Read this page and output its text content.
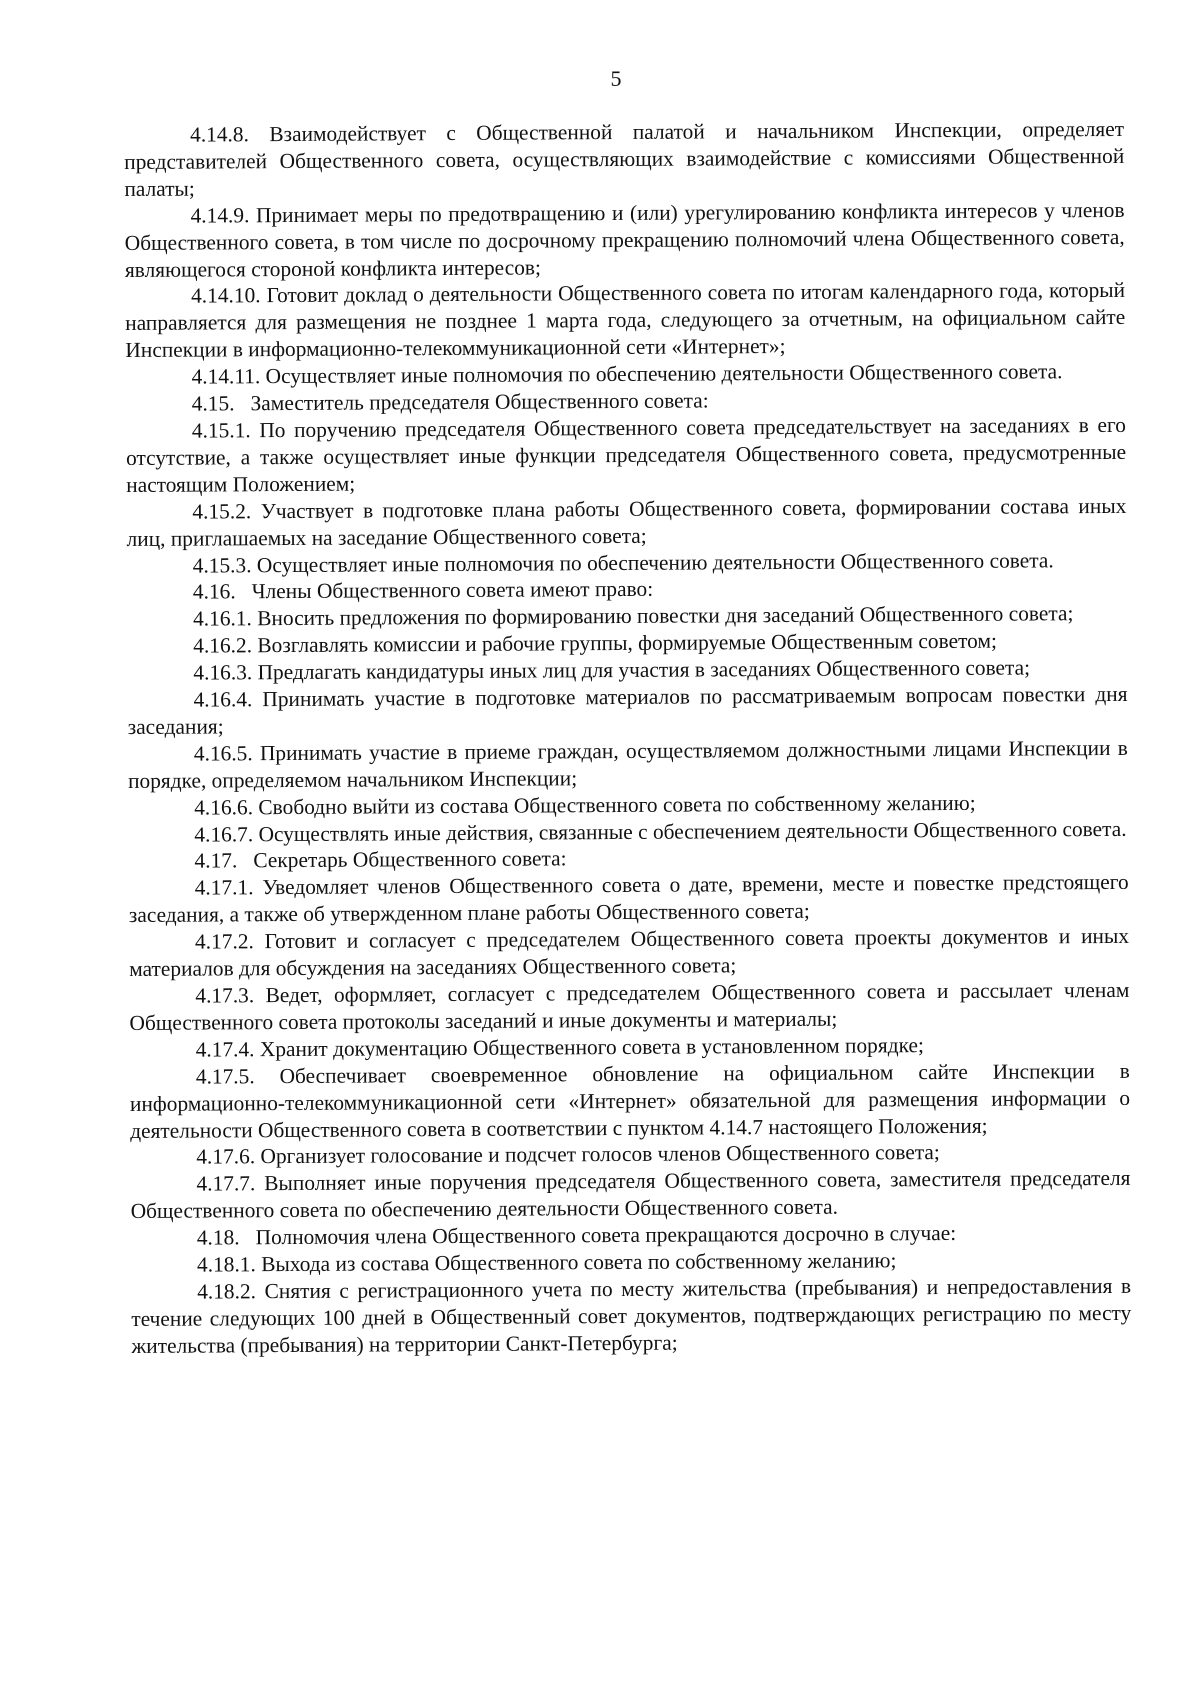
5

4.14.8. Взаимодействует с Общественной палатой и начальником Инспекции, определяет представителей Общественного совета, осуществляющих взаимодействие с комиссиями Общественной палаты;

4.14.9. Принимает меры по предотвращению и (или) урегулированию конфликта интересов у членов Общественного совета, в том числе по досрочному прекращению полномочий члена Общественного совета, являющегося стороной конфликта интересов;

4.14.10. Готовит доклад о деятельности Общественного совета по итогам календарного года, который направляется для размещения не позднее 1 марта года, следующего за отчетным, на официальном сайте Инспекции в информационно-телекоммуникационной сети «Интернет»;

4.14.11. Осуществляет иные полномочия по обеспечению деятельности Общественного совета.

4.15.   Заместитель председателя Общественного совета:

4.15.1. По поручению председателя Общественного совета председательствует на заседаниях в его отсутствие, а также осуществляет иные функции председателя Общественного совета, предусмотренные настоящим Положением;

4.15.2. Участвует в подготовке плана работы Общественного совета, формировании состава иных лиц, приглашаемых на заседание Общественного совета;

4.15.3. Осуществляет иные полномочия по обеспечению деятельности Общественного совета.

4.16.   Члены Общественного совета имеют право:

4.16.1. Вносить предложения по формированию повестки дня заседаний Общественного совета;

4.16.2. Возглавлять комиссии и рабочие группы, формируемые Общественным советом;

4.16.3. Предлагать кандидатуры иных лиц для участия в заседаниях Общественного совета;

4.16.4. Принимать участие в подготовке материалов по рассматриваемым вопросам повестки дня заседания;

4.16.5. Принимать участие в приеме граждан, осуществляемом должностными лицами Инспекции в порядке, определяемом начальником Инспекции;

4.16.6. Свободно выйти из состава Общественного совета по собственному желанию;

4.16.7. Осуществлять иные действия, связанные с обеспечением деятельности Общественного совета.

4.17.   Секретарь Общественного совета:

4.17.1. Уведомляет членов Общественного совета о дате, времени, месте и повестке предстоящего заседания, а также об утвержденном плане работы Общественного совета;

4.17.2. Готовит и согласует с председателем Общественного совета проекты документов и иных материалов для обсуждения на заседаниях Общественного совета;

4.17.3. Ведет, оформляет, согласует с председателем Общественного совета и рассылает членам Общественного совета протоколы заседаний и иные документы и материалы;

4.17.4. Хранит документацию Общественного совета в установленном порядке;

4.17.5. Обеспечивает своевременное обновление на официальном сайте Инспекции в информационно-телекоммуникационной сети «Интернет» обязательной для размещения информации о деятельности Общественного совета в соответствии с пунктом 4.14.7 настоящего Положения;

4.17.6. Организует голосование и подсчет голосов членов Общественного совета;

4.17.7. Выполняет иные поручения председателя Общественного совета, заместителя председателя Общественного совета по обеспечению деятельности Общественного совета.

4.18.   Полномочия члена Общественного совета прекращаются досрочно в случае:

4.18.1. Выхода из состава Общественного совета по собственному желанию;

4.18.2. Снятия с регистрационного учета по месту жительства (пребывания) и непредоставления в течение следующих 100 дней в Общественный совет документов, подтверждающих регистрацию по месту жительства (пребывания) на территории Санкт-Петербурга;
